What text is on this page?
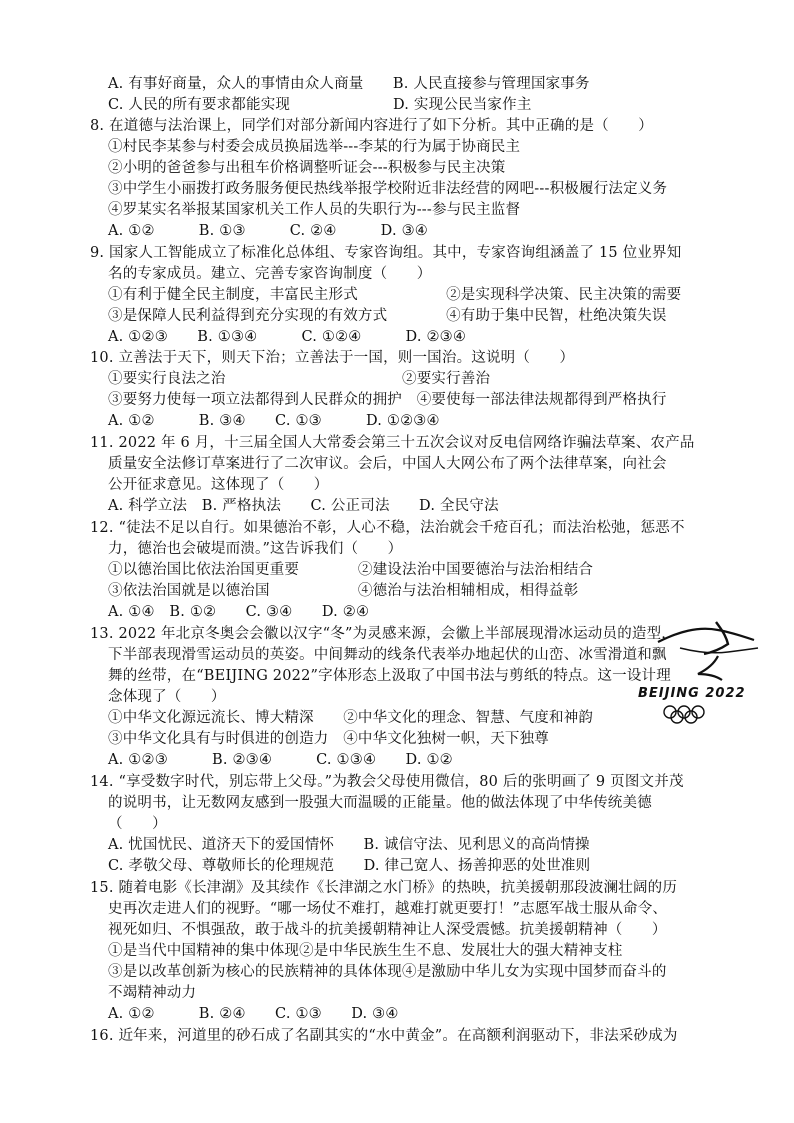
A. 有事好商量，众人的事情由众人商量　　B. 人民直接参与管理国家事务
C. 人民的所有要求都能实现　　　　　　　D. 实现公民当家作主
8. 在道德与法治课上，同学们对部分新闻内容进行了如下分析。其中正确的是（　　）
①村民李某参与村委会成员换届选举---李某的行为属于协商民主
②小明的爸爸参与出租车价格调整听证会---积极参与民主决策
③中学生小丽拨打政务服务便民热线举报学校附近非法经营的网吧---积极履行法定义务
④罗某实名举报某国家机关工作人员的失职行为---参与民主监督
A. ①②　　　B. ①③　　　C. ②④　　　D. ③④
9. 国家人工智能成立了标准化总体组、专家咨询组。其中，专家咨询组涵盖了 15 位业界知
名的专家成员。建立、完善专家咨询制度（　　）
①有利于健全民主制度，丰富民主形式　　　　　　②是实现科学决策、民主决策的需要
③是保障人民利益得到充分实现的有效方式　　　　④有助于集中民智，杜绝决策失误
A. ①②③　　B. ①③④　　　C. ①②④　　　D. ②③④
10. 立善法于天下，则天下治；立善法于一国，则一国治。这说明（　　）
①要实行良法之治　　　　　　　　　　　　②要实行善治
③要努力使每一项立法都得到人民群众的拥护　④要使每一部法律法规都得到严格执行
A. ①②　　　B. ③④　　C. ①③　　　D. ①②③④
11. 2022 年 6 月，十三届全国人大常委会第三十五次会议对反电信网络诈骗法草案、农产品
质量安全法修订草案进行了二次审议。会后，中国人大网公布了两个法律草案，向社会
公开征求意见。这体现了（　　）
A. 科学立法　B. 严格执法　　C. 公正司法　　D. 全民守法
12. “徒法不足以自行。如果德治不彰，人心不稳，法治就会千疮百孔；而法治松弛，惩恶不
力，德治也会破堤而溃。”这告诉我们（　　）
①以德治国比依法治国更重要　　　　②建设法治中国要德治与法治相结合
③依法治国就是以德治国　　　　　　④德治与法治相辅相成，相得益彰
A. ①④　B. ①②　　C. ③④　　D. ②④
13. 2022 年北京冬奥会会徽以汉字“冬”为灵感来源，会徽上半部展现滑冰运动员的造型，
下半部表现滑雪运动员的英姿。中间舞动的线条代表举办地起伏的山峦、冰雪滑道和飘
舞的丝带，在“BEIJING 2022”字体形态上汲取了中国书法与剪纸的特点。这一设计理
念体现了（　　）
①中华文化源远流长、博大精深　　②中华文化的理念、智慧、气度和神韵
③中华文化具有与时俱进的创造力　④中华文化独树一帜，天下独尊
A. ①②③　　　B. ②③④　　　C. ①③④　　D. ①②
14. “享受数字时代，别忘带上父母。”为教会父母使用微信，80 后的张明画了 9 页图文并茂
的说明书，让无数网友感到一股强大而温暖的正能量。他的做法体现了中华传统美德
（　　）
A. 忧国忧民、道济天下的爱国情怀　　B. 诚信守法、见利思义的高尚情操
C. 孝敬父母、尊敬师长的伦理规范　　D. 律己宽人、扬善抑恶的处世准则
15. 随着电影《长津湖》及其续作《长津湖之水门桥》的热映，抗美援朝那段波澜壮阔的历
史再次走进人们的视野。“哪一场仗不难打，越难打就更要打！”志愿军战士服从命令、
视死如归、不惧强敌，敢于战斗的抗美援朝精神让人深受震憾。抗美援朝精神（　　）
①是当代中国精神的集中体现②是中华民族生生不息、发展壮大的强大精神支柱
③是以改革创新为核心的民族精神的具体体现④是激励中华儿女为实现中国梦而奋斗的
不竭精神动力
A. ①②　　　B. ②④　　C. ①③　　D. ③④
16. 近年来，河道里的砂石成了名副其实的“水中黄金”。在高额利润驱动下，非法采砂成为
BEIJING 2022
